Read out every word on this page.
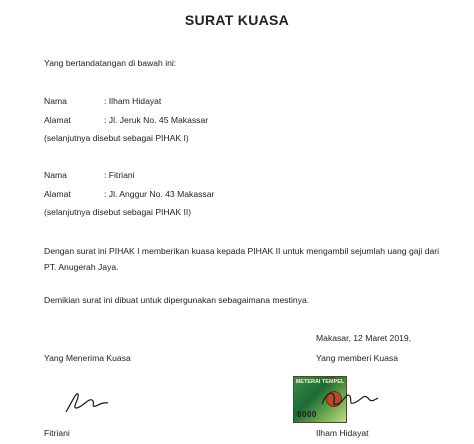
SURAT KUASA
Yang bertandatangan di bawah ini:
Nama	: Ilham Hidayat
Alamat	: Jl. Jeruk No. 45 Makassar
(selanjutnya disebut sebagai PIHAK I)
Nama	: Fitriani
Alamat	: Jl. Anggur No. 43 Makassar
(selanjutnya disebut sebagai PIHAK II)
Dengan surat ini PIHAK I memberikan kuasa kepada PIHAK II untuk mengambil sejumlah uang gaji dari PT. Anugerah Jaya.
Demikian surat ini dibuat untuk dipergunakan sebagaimana mestinya.
Makasar, 12 Maret 2019,
Yang Menerima Kuasa	Yang memberi Kuasa
METERAI TEMPEL
6000
Fitriani	Ilham Hidayat
